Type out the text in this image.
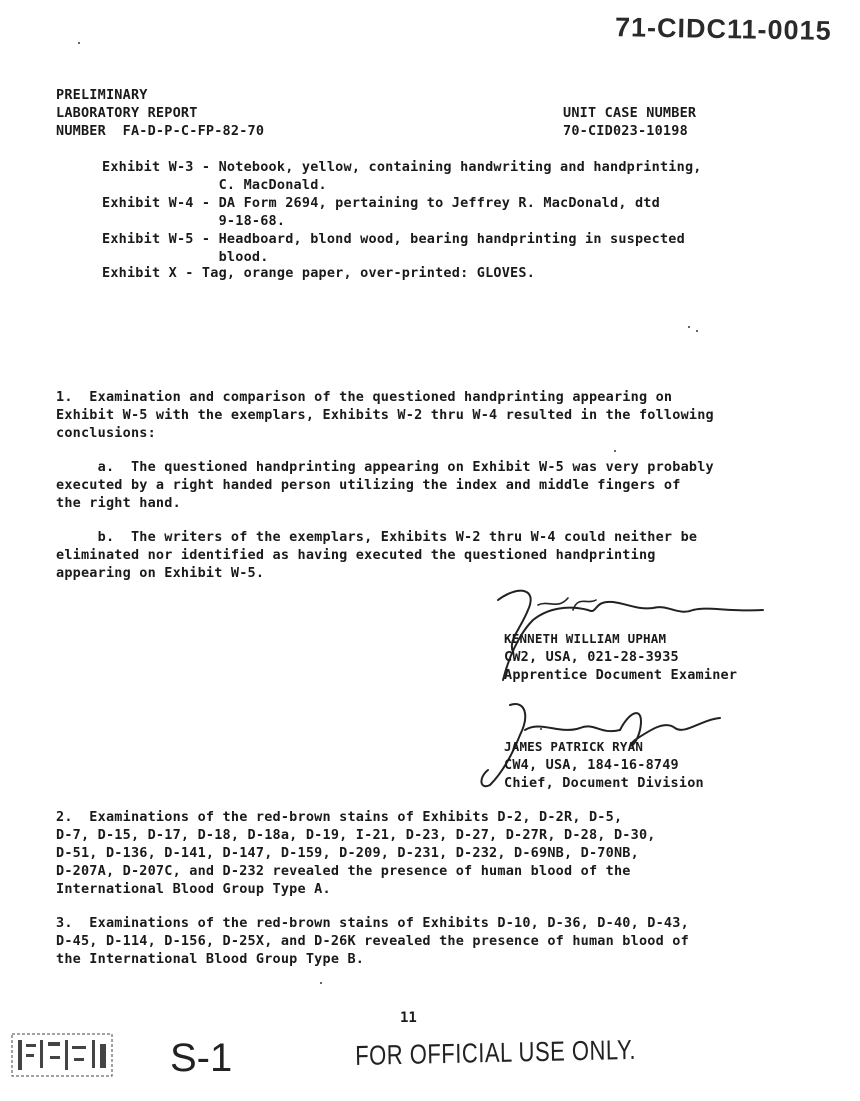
71-CIDC11-0015
PRELIMINARY
LABORATORY REPORT
NUMBER  FA-D-P-C-FP-82-70
UNIT CASE NUMBER
70-CID023-10198
Exhibit W-3 - Notebook, yellow, containing handwriting and handprinting,
C. MacDonald.
Exhibit W-4 - DA Form 2694, pertaining to Jeffrey R. MacDonald, dtd
9-18-68.
Exhibit W-5 - Headboard, blond wood, bearing handprinting in suspected
blood.
Exhibit X - Tag, orange paper, over-printed: GLOVES.
1.  Examination and comparison of the questioned handprinting appearing on
Exhibit W-5 with the exemplars, Exhibits W-2 thru W-4 resulted in the following
conclusions:
a.  The questioned handprinting appearing on Exhibit W-5 was very probably
executed by a right handed person utilizing the index and middle fingers of
the right hand.
b.  The writers of the exemplars, Exhibits W-2 thru W-4 could neither be
eliminated nor identified as having executed the questioned handprinting
appearing on Exhibit W-5.
KENNETH WILLIAM UPHAM
CW2, USA, 021-28-3935
Apprentice Document Examiner
JAMES PATRICK RYAN
CW4, USA, 184-16-8749
Chief, Document Division
2.  Examinations of the red-brown stains of Exhibits D-2, D-2R, D-5,
D-7, D-15, D-17, D-18, D-18a, D-19, I-21, D-23, D-27, D-27R, D-28, D-30,
D-51, D-136, D-141, D-147, D-159, D-209, D-231, D-232, D-69NB, D-70NB,
D-207A, D-207C, and D-232 revealed the presence of human blood of the
International Blood Group Type A.
3.  Examinations of the red-brown stains of Exhibits D-10, D-36, D-40, D-43,
D-45, D-114, D-156, D-25X, and D-26K revealed the presence of human blood of
the International Blood Group Type B.
11
S-1	FOR OFFICIAL USE ONLY.
